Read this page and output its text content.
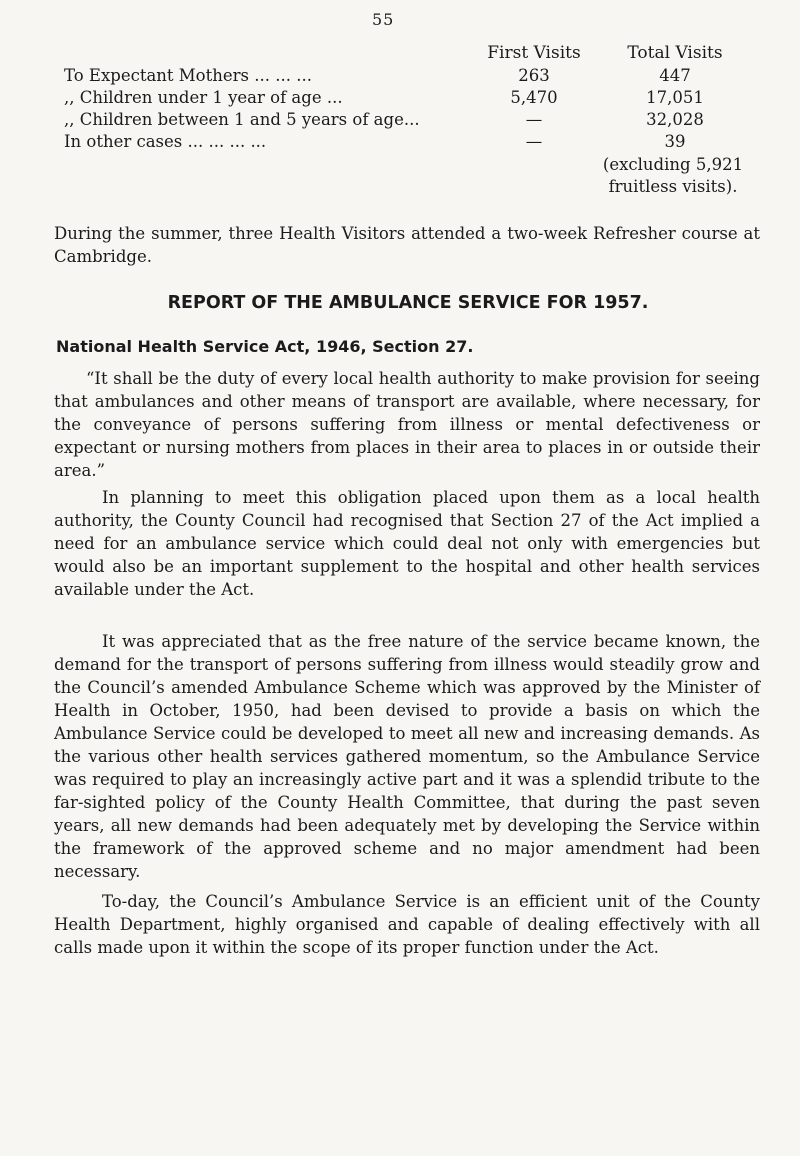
55
	First Visits	Total Visits
To Expectant Mothers ... ... ...	263	447
,, Children under 1 year of age ...	5,470	17,051
,, Children between 1 and 5 years of age...	—	32,028
In other cases ... ... ... ...	—	39
(excluding 5,921 fruitless visits).

During the summer, three Health Visitors attended a two-week Refresher course at Cambridge.

REPORT OF THE AMBULANCE SERVICE FOR 1957.
National Health Service Act, 1946, Section 27.

“It shall be the duty of every local health authority to make provision for seeing that ambulances and other means of transport are available, where necessary, for the conveyance of persons suffering from illness or mental defectiveness or expectant or nursing mothers from places in their area to places in or outside their area.”

In planning to meet this obligation placed upon them as a local health authority, the County Council had recognised that Section 27 of the Act implied a need for an ambulance service which could deal not only with emergencies but would also be an important supplement to the hospital and other health services available under the Act.

It was appreciated that as the free nature of the service became known, the demand for the transport of persons suffering from illness would steadily grow and the Council’s amended Ambulance Scheme which was approved by the Minister of Health in October, 1950, had been devised to provide a basis on which the Ambulance Service could be developed to meet all new and increasing demands. As the various other health services gathered momentum, so the Ambulance Service was required to play an increasingly active part and it was a splendid tribute to the far-sighted policy of the County Health Committee, that during the past seven years, all new demands had been adequately met by developing the Service within the framework of the approved scheme and no major amendment had been necessary.

To-day, the Council’s Ambulance Service is an efficient unit of the County Health Department, highly organised and capable of dealing effectively with all calls made upon it within the scope of its proper function under the Act.
